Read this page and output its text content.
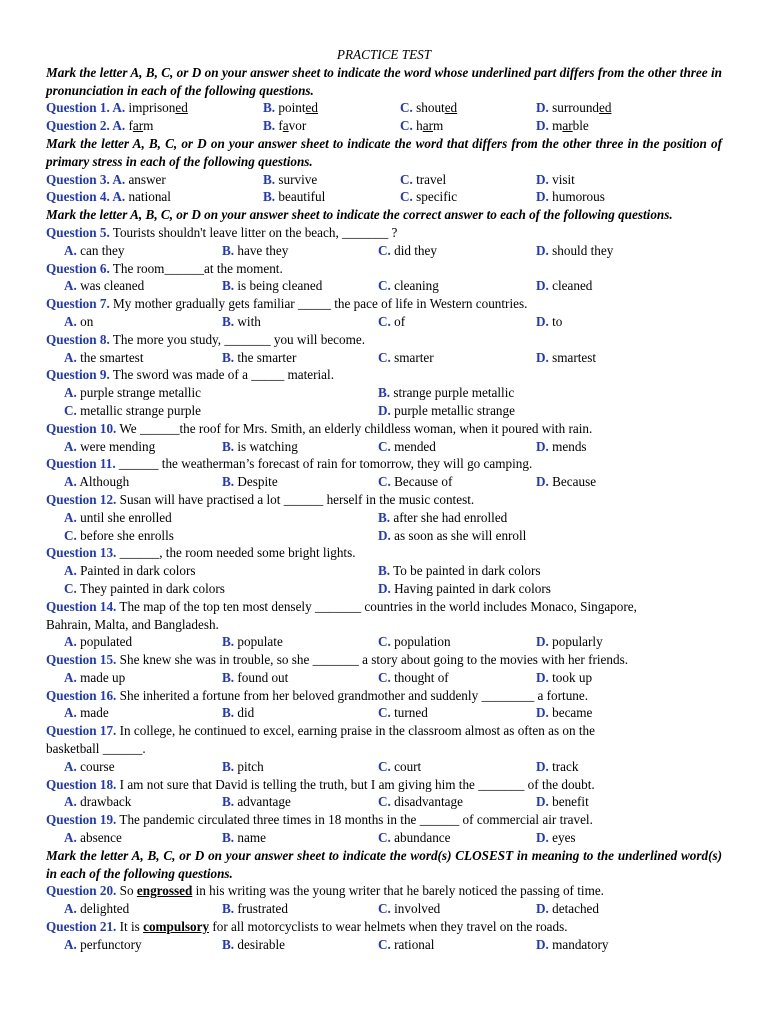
PRACTICE TEST
Mark the letter A, B, C, or D on your answer sheet to indicate the word whose underlined part differs from the other three in pronunciation in each of the following questions.
Question 1. A. imprisoned	B. pointed	C. shouted	D. surrounded
Question 2. A. farm	B. favor	C. harm	D. marble
Mark the letter A, B, C, or D on your answer sheet to indicate the word that differs from the other three in the position of primary stress in each of the following questions.
Question 3. A. answer	B. survive	C. travel	D. visit
Question 4. A. national	B. beautiful	C. specific	D. humorous
Mark the letter A, B, C, or D on your answer sheet to indicate the correct answer to each of the following questions.
Question 5. Tourists shouldn't leave litter on the beach, _______ ?
A. can they	B. have they	C. did they	D. should they
Question 6. The room______at the moment.
A. was cleaned	B. is being cleaned	C. cleaning	D. cleaned
Question 7. My mother gradually gets familiar _____ the pace of life in Western countries.
A. on	B. with	C. of	D. to
Question 8. The more you study, _______ you will become.
A. the smartest	B. the smarter	C. smarter	D. smartest
Question 9. The sword was made of a _____ material.
A. purple strange metallic	B. strange purple metallic
C. metallic strange purple	D. purple metallic strange
Question 10. We ______the roof for Mrs. Smith, an elderly childless woman, when it poured with rain.
A. were mending	B. is watching	C. mended	D. mends
Question 11. ______ the weatherman’s forecast of rain for tomorrow, they will go camping.
A. Although	B. Despite	C. Because of	D. Because
Question 12. Susan will have practised a lot ______ herself in the music contest.
A. until she enrolled	B. after she had enrolled
C. before she enrolls	D. as soon as she will enroll
Question 13. ______, the room needed some bright lights.
A. Painted in dark colors	B. To be painted in dark colors
C. They painted in dark colors	D. Having painted in dark colors
Question 14. The map of the top ten most densely _______ countries in the world includes Monaco, Singapore,
Bahrain, Malta, and Bangladesh.
A. populated	B. populate	C. population	D. popularly
Question 15. She knew she was in trouble, so she _______ a story about going to the movies with her friends.
A. made up	B. found out	C. thought of	D. took up
Question 16. She inherited a fortune from her beloved grandmother and suddenly ________ a fortune.
A. made	B. did	C. turned	D. became
Question 17. In college, he continued to excel, earning praise in the classroom almost as often as on the
basketball ______.
A. course	B. pitch	C. court	D. track
Question 18. I am not sure that David is telling the truth, but I am giving him the _______ of the doubt.
A. drawback	B. advantage	C. disadvantage	D. benefit
Question 19. The pandemic circulated three times in 18 months in the ______ of commercial air travel.
A. absence	B. name	C. abundance	D. eyes
Mark the letter A, B, C, or D on your answer sheet to indicate the word(s) CLOSEST in meaning to the underlined word(s) in each of the following questions.
Question 20. So engrossed in his writing was the young writer that he barely noticed the passing of time.
A. delighted	B. frustrated	C. involved	D. detached
Question 21. It is compulsory for all motorcyclists to wear helmets when they travel on the roads.
A. perfunctory	B. desirable	C. rational	D. mandatory
